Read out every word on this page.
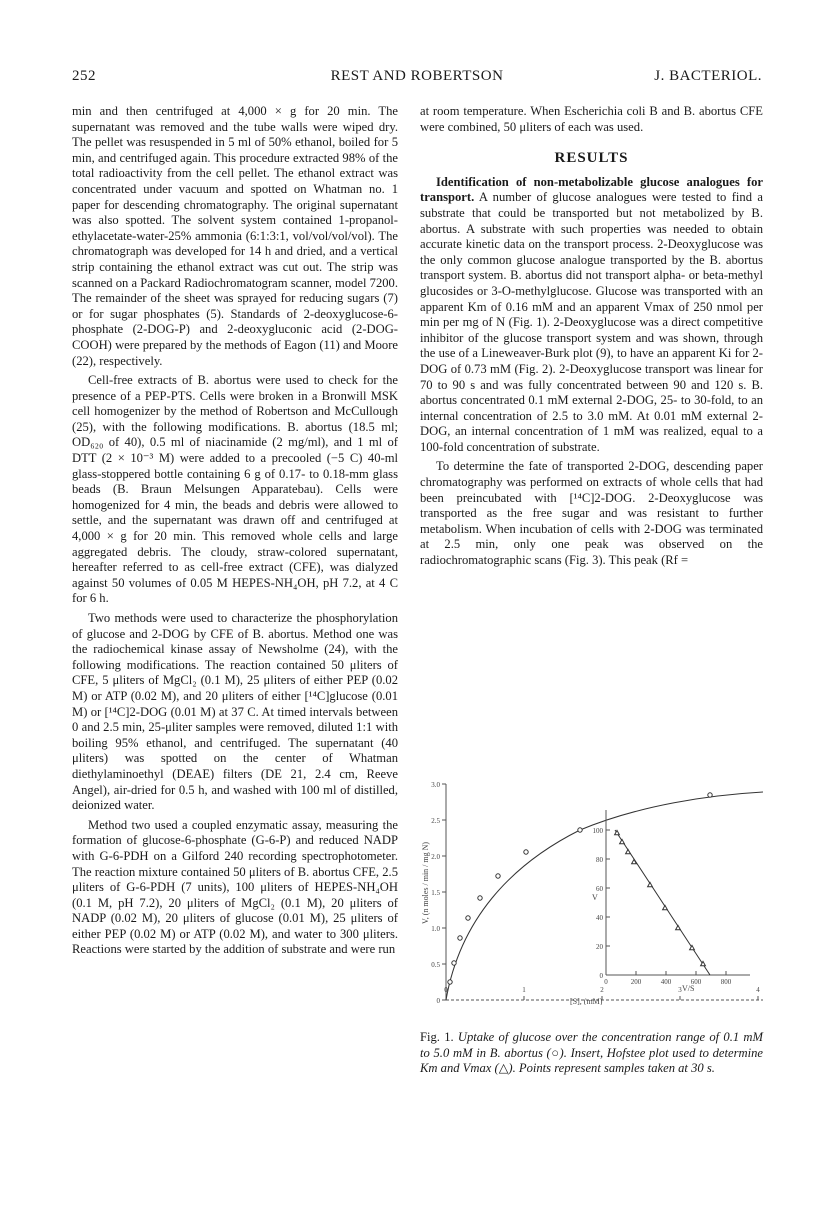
252	REST AND ROBERTSON	J. BACTERIOL.

min and then centrifuged at 4,000 × g for 20 min. The supernatant was removed and the tube walls were wiped dry. The pellet was resuspended in 5 ml of 50% ethanol, boiled for 5 min, and centrifuged again. This procedure extracted 98% of the total radioactivity from the cell pellet. The ethanol extract was concentrated under vacuum and spotted on Whatman no. 1 paper for descending chromatography. The original supernatant was also spotted. The solvent system contained 1-propanol-ethylacetate-water-25% ammonia (6:1:3:1, vol/vol/vol/vol). The chromatograph was developed for 14 h and dried, and a vertical strip containing the ethanol extract was cut out. The strip was scanned on a Packard Radiochromatogram scanner, model 7200. The remainder of the sheet was sprayed for reducing sugars (7) or for sugar phosphates (5). Standards of 2-deoxyglucose-6-phosphate (2-DOG-P) and 2-deoxygluconic acid (2-DOG-COOH) were prepared by the methods of Eagon (11) and Moore (22), respectively.

Cell-free extracts of B. abortus were used to check for the presence of a PEP-PTS. Cells were broken in a Bronwill MSK cell homogenizer by the method of Robertson and McCullough (25), with the following modifications. B. abortus (18.5 ml; OD₆₂₀ of 40), 0.5 ml of niacinamide (2 mg/ml), and 1 ml of DTT (2 × 10⁻³ M) were added to a precooled (−5 C) 40-ml glass-stoppered bottle containing 6 g of 0.17- to 0.18-mm glass beads (B. Braun Melsungen Apparatebau). Cells were homogenized for 4 min, the beads and debris were allowed to settle, and the supernatant was drawn off and centrifuged at 4,000 × g for 20 min. This removed whole cells and large aggregated debris. The cloudy, straw-colored supernatant, hereafter referred to as cell-free extract (CFE), was dialyzed against 50 volumes of 0.05 M HEPES-NH₄OH, pH 7.2, at 4 C for 6 h.

Two methods were used to characterize the phosphorylation of glucose and 2-DOG by CFE of B. abortus. Method one was the radiochemical kinase assay of Newsholme (24), with the following modifications. The reaction contained 50 μliters of CFE, 5 μliters of MgCl₂ (0.1 M), 25 μliters of either PEP (0.02 M) or ATP (0.02 M), and 20 μliters of either [¹⁴C]glucose (0.01 M) or [¹⁴C]2-DOG (0.01 M) at 37 C. At timed intervals between 0 and 2.5 min, 25-μliter samples were removed, diluted 1:1 with boiling 95% ethanol, and centrifuged. The supernatant (40 μliters) was spotted on the center of Whatman diethylaminoethyl (DEAE) filters (DE 21, 2.4 cm, Reeve Angel), air-dried for 0.5 h, and washed with 100 ml of distilled, deionized water.

Method two used a coupled enzymatic assay, measuring the formation of glucose-6-phosphate (G-6-P) and reduced NADP with G-6-PDH on a Gilford 240 recording spectrophotometer. The reaction mixture contained 50 μliters of B. abortus CFE, 2.5 μliters of G-6-PDH (7 units), 100 μliters of HEPES-NH₄OH (0.1 M, pH 7.2), 20 μliters of MgCl₂ (0.1 M), 20 μliters of NADP (0.02 M), 20 μliters of glucose (0.01 M), 25 μliters of either PEP (0.02 M) or ATP (0.02 M), and water to 300 μliters. Reactions were started by the addition of substrate and were run

at room temperature. When Escherichia coli B and B. abortus CFE were combined, 50 μliters of each was used.

RESULTS

Identification of non-metabolizable glucose analogues for transport. A number of glucose analogues were tested to find a substrate that could be transported but not metabolized by B. abortus. A substrate with such properties was needed to obtain accurate kinetic data on the transport process. 2-Deoxyglucose was the only common glucose analogue transported by the B. abortus transport system. B. abortus did not transport alpha- or beta-methyl glucosides or 3-O-methylglucose. Glucose was transported with an apparent Km of 0.16 mM and an apparent Vmax of 250 nmol per min per mg of N (Fig. 1). 2-Deoxyglucose was a direct competitive inhibitor of the glucose transport system and was shown, through the use of a Lineweaver-Burk plot (9), to have an apparent Ki for 2-DOG of 0.73 mM (Fig. 2). 2-Deoxyglucose transport was linear for 70 to 90 s and was fully concentrated between 90 and 120 s. B. abortus concentrated 0.1 mM external 2-DOG, 25- to 30-fold, to an internal concentration of 2.5 to 3.0 mM. At 0.01 mM external 2-DOG, an internal concentration of 1 mM was realized, equal to a 100-fold concentration of substrate.

To determine the fate of transported 2-DOG, descending paper chromatography was performed on extracts of whole cells that had been preincubated with [¹⁴C]2-DOG. 2-Deoxyglucose was transported as the free sugar and was resistant to further metabolism. When incubation of cells with 2-DOG was terminated at 2.5 min, only one peak was observed on the radiochromatographic scans (Fig. 3). This peak (Rf =

0
0.5
1.0
1.5
2.0
2.5
3.0
0	1	2	3	4
0
20
40
60
80
100
0	200	400	600	800
V, (n moles / min / mg N)
[S], (mM)
V
V/S
Fig. 1. Uptake of glucose over the concentration range of 0.1 mM to 5.0 mM in B. abortus (○). Insert, Hofstee plot used to determine Km and Vmax (△). Points represent samples taken at 30 s.
